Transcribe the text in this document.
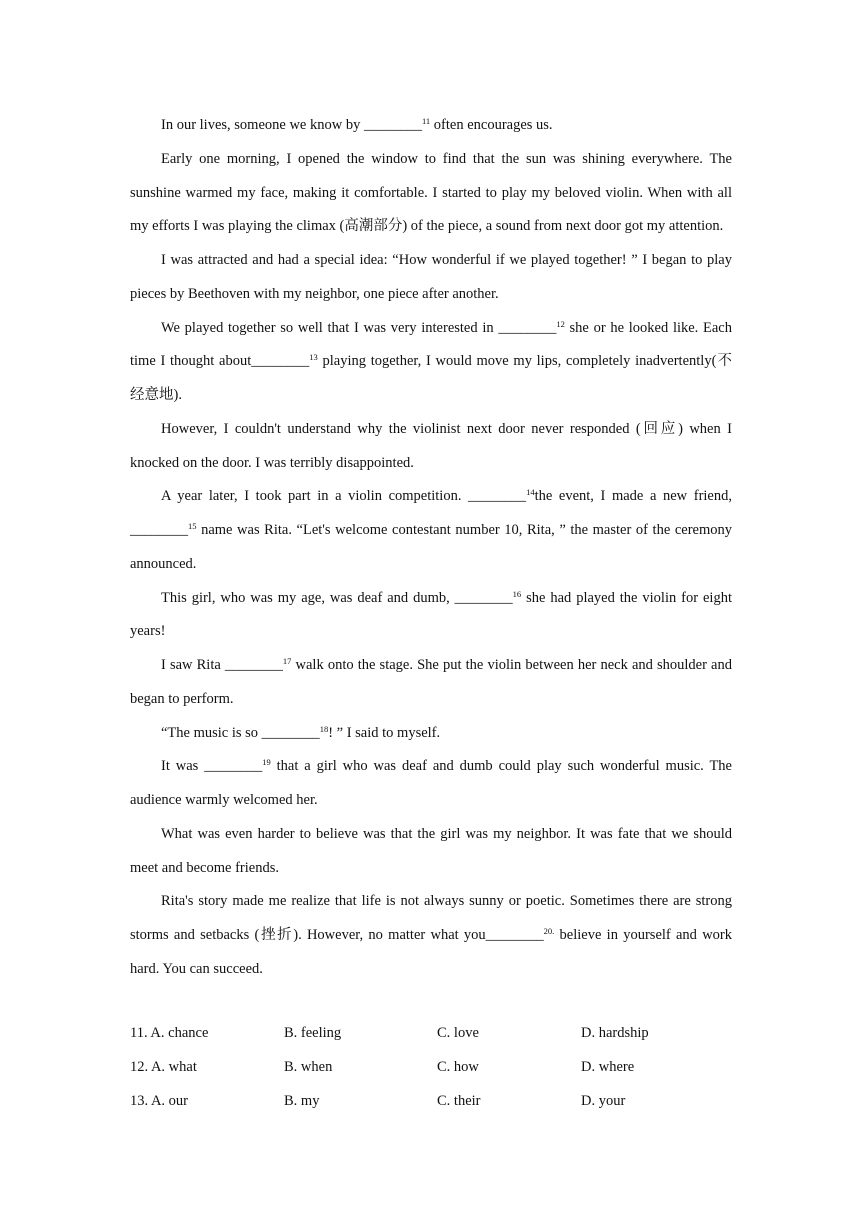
In our lives, someone we know by ________$^{11}$ often encourages us.

Early one morning, I opened the window to find that the sun was shining everywhere. The sunshine warmed my face, making it comfortable. I started to play my beloved violin. When with all my efforts I was playing the climax (高潮部分) of the piece, a sound from next door got my attention.

I was attracted and had a special idea: “How wonderful if we played together! ” I began to play pieces by Beethoven with my neighbor, one piece after another.

We played together so well that I was very interested in ________$^{12}$ she or he looked like. Each time I thought about________$^{13}$ playing together, I would move my lips, completely inadvertently(不经意地).

However, I couldn't understand why the violinist next door never responded (回应) when I knocked on the door. I was terribly disappointed.

A year later, I took part in a violin competition. ________$^{14}$the event, I made a new friend, ________$^{15}$ name was Rita. “Let's welcome contestant number 10, Rita, ” the master of the ceremony announced.

This girl, who was my age, was deaf and dumb, ________$^{16}$ she had played the violin for eight years!

I saw Rita ________$^{17}$ walk onto the stage. She put the violin between her neck and shoulder and began to perform.

“The music is so ________$^{18}$! ” I said to myself.

It was ________$^{19}$ that a girl who was deaf and dumb could play such wonderful music. The audience warmly welcomed her.

What was even harder to believe was that the girl was my neighbor. It was fate that we should meet and become friends.

Rita's story made me realize that life is not always sunny or poetic. Sometimes there are strong storms and setbacks (挫折). However, no matter what you________$^{20.}$ believe in yourself and work hard. You can succeed.

11. A. chance	B. feeling	C. love	D. hardship
12. A. what	B. when	C. how	D. where
13. A. our	B. my	C. their	D. your
